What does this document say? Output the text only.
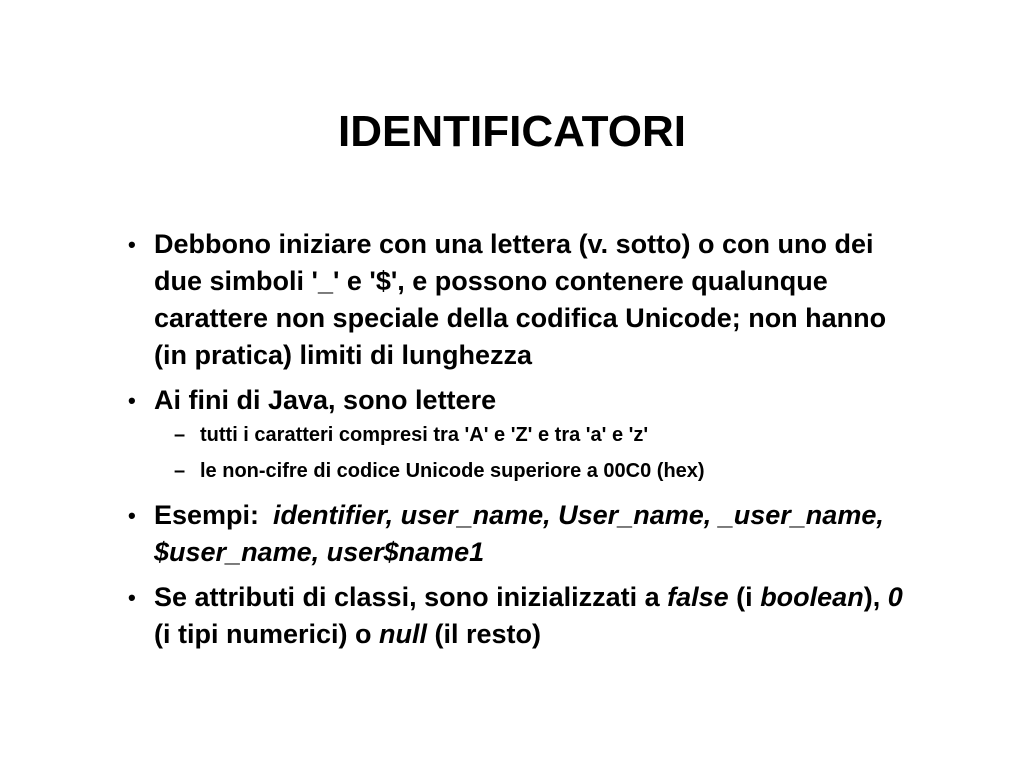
IDENTIFICATORI
• Debbono iniziare con una lettera (v. sotto) o con uno dei due simboli '_' e '$', e possono contenere qualunque carattere non speciale della codifica Unicode; non hanno (in pratica) limiti di lunghezza
• Ai fini di Java, sono lettere
– tutti i caratteri compresi tra 'A' e 'Z' e tra 'a' e 'z'
– le non-cifre di codice Unicode superiore a 00C0 (hex)
• Esempi: identifier, user_name, User_name, _user_name, $user_name, user$name1
• Se attributi di classi, sono inizializzati a false (i boolean), 0 (i tipi numerici) o null (il resto)
